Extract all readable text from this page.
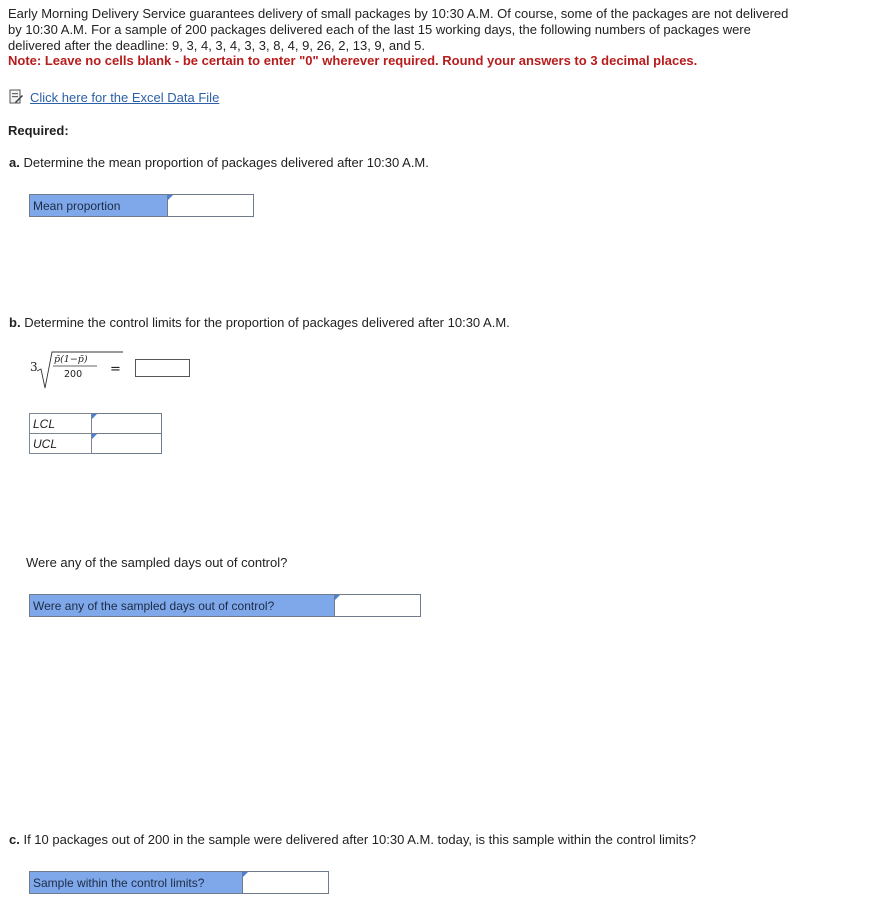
Early Morning Delivery Service guarantees delivery of small packages by 10:30 A.M. Of course, some of the packages are not delivered
by 10:30 A.M. For a sample of 200 packages delivered each of the last 15 working days, the following numbers of packages were
delivered after the deadline: 9, 3, 4, 3, 4, 3, 3, 8, 4, 9, 26, 2, 13, 9, and 5.
Note: Leave no cells blank - be certain to enter "0" wherever required. Round your answers to 3 decimal places.
Click here for the Excel Data File
Required:
a. Determine the mean proportion of packages delivered after 10:30 A.M.
Mean proportion	
b. Determine the control limits for the proportion of packages delivered after 10:30 A.M.
3
p̄(1−p̄)
200 =
LCL	

UCL	
Were any of the sampled days out of control?
Were any of the sampled days out of control?	
c. If 10 packages out of 200 in the sample were delivered after 10:30 A.M. today, is this sample within the control limits?
Sample within the control limits?	
